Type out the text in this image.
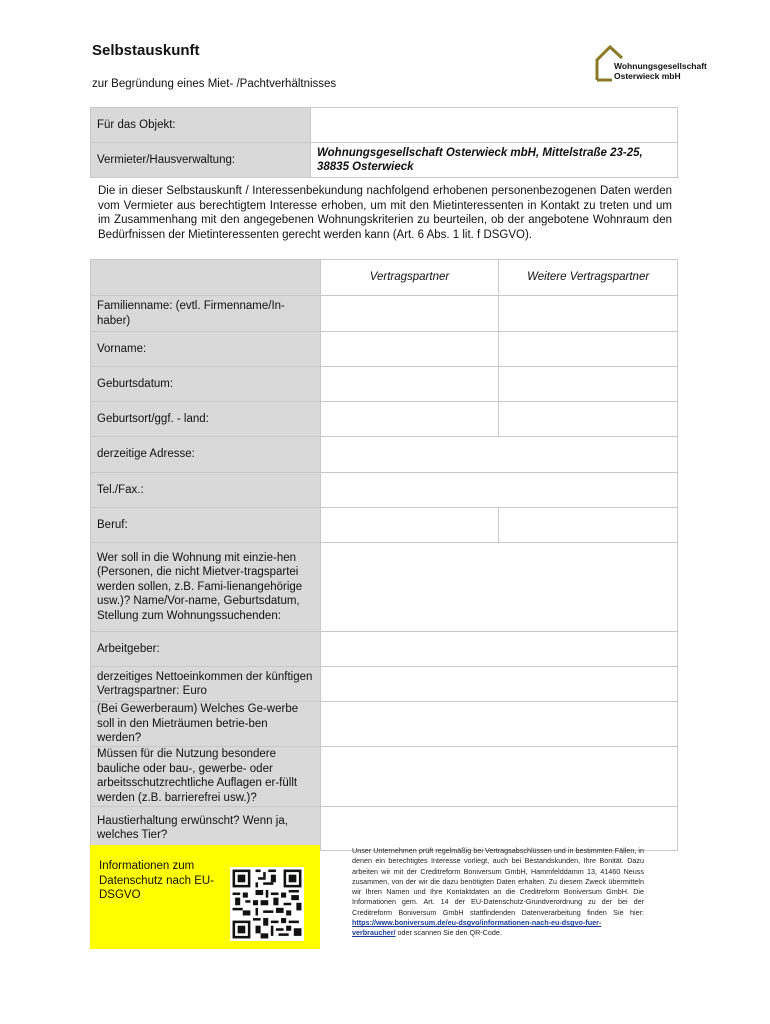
Selbstauskunft
zur Begründung eines Miet- /Pachtverhältnisses
Wohnungsgesellschaft
Osterwieck mbH
Für das Objekt:	
Vermieter/Hausverwaltung:	Wohnungsgesellschaft Osterwieck mbH, Mittelstraße 23-25, 38835 Osterwieck
Die in dieser Selbstauskunft / Interessenbekundung nachfolgend erhobenen personenbezogenen Daten werden vom Vermieter aus berechtigtem Interesse erhoben, um mit den Mietinteressenten in Kontakt zu treten und um im Zusammenhang mit den angegebenen Wohnungskriterien zu beurteilen, ob der angebotene Wohnraum den Bedürfnissen der Mietinteressenten gerecht werden kann (Art. 6 Abs. 1 lit. f DSGVO).
	Vertragspartner	Weitere Vertragspartner
Familienname: (evtl. Firmenname/In-haber)		
Vorname:		
Geburtsdatum:		
Geburtsort/ggf. - land:		
derzeitige Adresse:		
Tel./Fax.:		
Beruf:		
Wer soll in die Wohnung mit einzie-hen (Personen, die nicht Mietver-tragspartei werden sollen, z.B. Fami-lienangehörige usw.)? Name/Vor-name, Geburtsdatum, Stellung zum Wohnungssuchenden:		
Arbeitgeber:		
derzeitiges Nettoeinkommen der künftigen Vertragspartner: Euro		
(Bei Gewerberaum) Welches Ge-werbe soll in den Mieträumen betrie-ben werden?		
Müssen für die Nutzung besondere bauliche oder bau-, gewerbe- oder arbeitsschutzrechtliche Auflagen er-füllt werden (z.B. barrierefrei usw.)?		
Haustierhaltung erwünscht? Wenn ja, welches Tier?		
Informationen zum Datenschutz nach EU-DSGVO
Unser Unternehmen prüft regelmäßig bei Vertragsabschlüssen und in bestimmten Fällen, in denen ein berechtigtes Interesse vorliegt, auch bei Bestandskunden, Ihre Bonität. Dazu arbeiten wir mit der Creditreform Boniversum GmbH, Hammfelddamm 13, 41460 Neuss zusammen, von der wir die dazu benötigten Daten erhalten. Zu diesem Zweck übermitteln wir Ihren Namen und Ihre Kontaktdaten an die Creditreform Boniversum GmbH. Die Informationen gem. Art. 14 der EU-Datenschutz-Grundverordnung zu der bei der Creditreform Boniversum GmbH stattfindenden Datenverarbeitung finden Sie hier: https://www.boniversum.de/eu-dsgvo/informationen-nach-eu-dsgvo-fuer-verbraucher/ oder scannen Sie den QR-Code.
